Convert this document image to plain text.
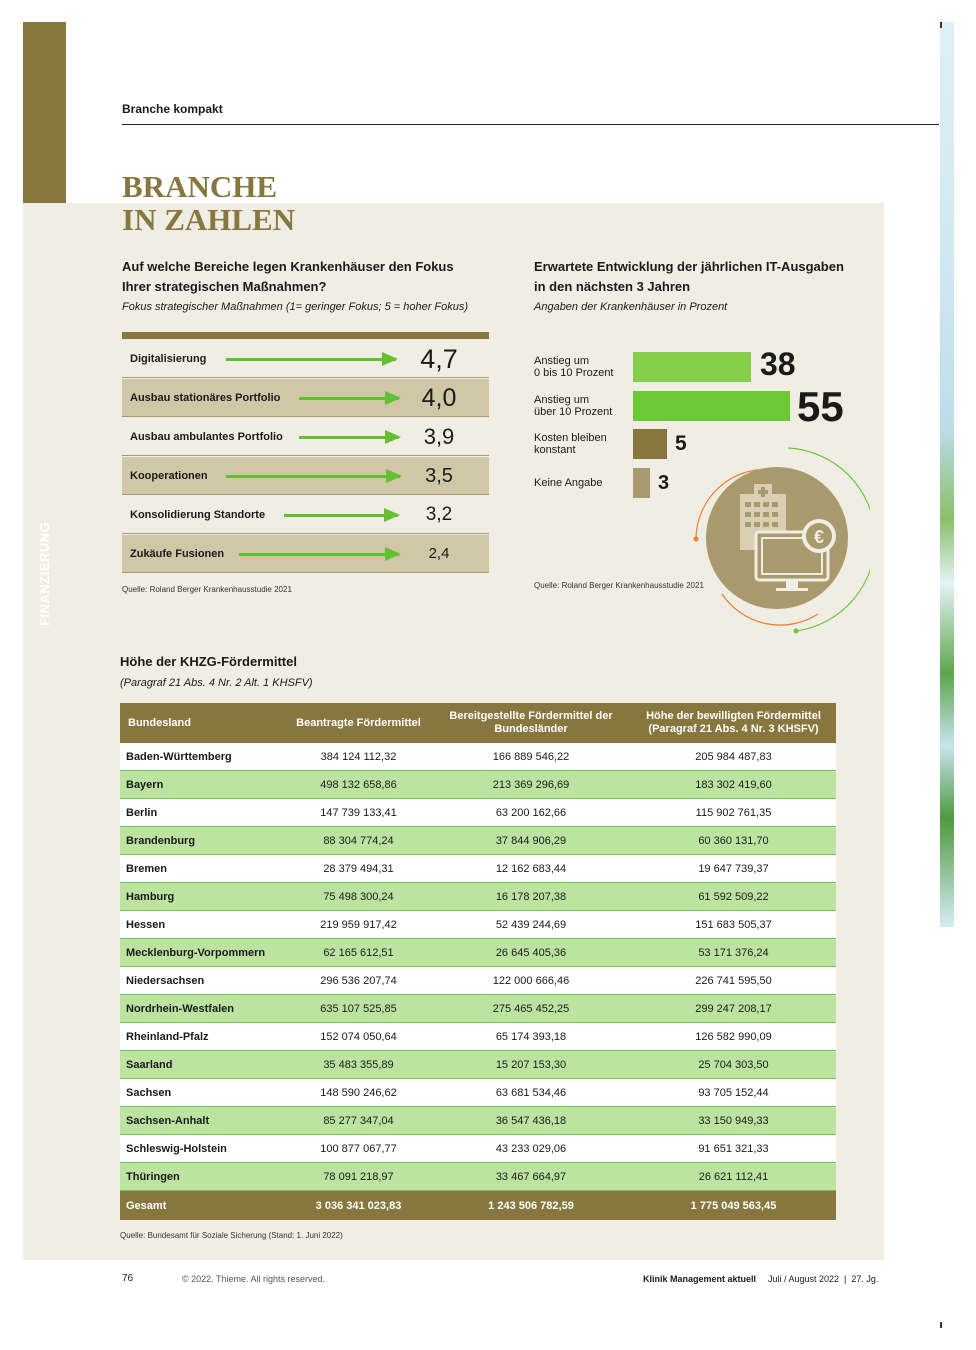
FINANZIERUNG
Branche kompakt
BRANCHE
IN ZAHLEN
Auf welche Bereiche legen Krankenhäuser den Fokus
Ihrer strategischen Maßnahmen?
Fokus strategischer Maßnahmen (1= geringer Fokus; 5 = hoher Fokus)
Digitalisierung	4,7
Ausbau stationäres Portfolio	4,0
Ausbau ambulantes Portfolio	3,9
Kooperationen	3,5
Konsolidierung Standorte	3,2
Zukäufe Fusionen	2,4
Quelle: Roland Berger Krankenhausstudie 2021
Erwartete Entwicklung der jährlichen IT-Ausgaben
in den nächsten 3 Jahren
Angaben der Krankenhäuser in Prozent
Anstieg um
0 bis 10 Prozent	38
Anstieg um
über 10 Prozent	55
Kosten bleiben
konstant	5
Keine Angabe	3
€
Quelle: Roland Berger Krankenhausstudie 2021
Höhe der KHZG-Fördermittel
(Paragraf 21 Abs. 4 Nr. 2 Alt. 1 KHSFV)
Bundesland	Beantragte Fördermittel	Bereitgestellte Fördermittel der Bundesländer	Höhe der bewilligten Fördermittel (Paragraf 21 Abs. 4 Nr. 3 KHSFV)
Baden-Württemberg	384 124 112,32	166 889 546,22	205 984 487,83
Bayern	498 132 658,86	213 369 296,69	183 302 419,60
Berlin	147 739 133,41	63 200 162,66	115 902 761,35
Brandenburg	88 304 774,24	37 844 906,29	60 360 131,70
Bremen	28 379 494,31	12 162 683,44	19 647 739,37
Hamburg	75 498 300,24	16 178 207,38	61 592 509,22
Hessen	219 959 917,42	52 439 244,69	151 683 505,37
Mecklenburg-Vorpommern	62 165 612,51	26 645 405,36	53 171 376,24
Niedersachsen	296 536 207,74	122 000 666,46	226 741 595,50
Nordrhein-Westfalen	635 107 525,85	275 465 452,25	299 247 208,17
Rheinland-Pfalz	152 074 050,64	65 174 393,18	126 582 990,09
Saarland	35 483 355,89	15 207 153,30	25 704 303,50
Sachsen	148 590 246,62	63 681 534,46	93 705 152,44
Sachsen-Anhalt	85 277 347,04	36 547 436,18	33 150 949,33
Schleswig-Holstein	100 877 067,77	43 233 029,06	91 651 321,33
Thüringen	78 091 218,97	33 467 664,97	26 621 112,41
Gesamt	3 036 341 023,83	1 243 506 782,59	1 775 049 563,45
Quelle: Bundesamt für Soziale Sicherung (Stand: 1. Juni 2022)
76	© 2022. Thieme. All rights reserved.	Klinik Management aktuell Juli / August 2022  |  27. Jg.
